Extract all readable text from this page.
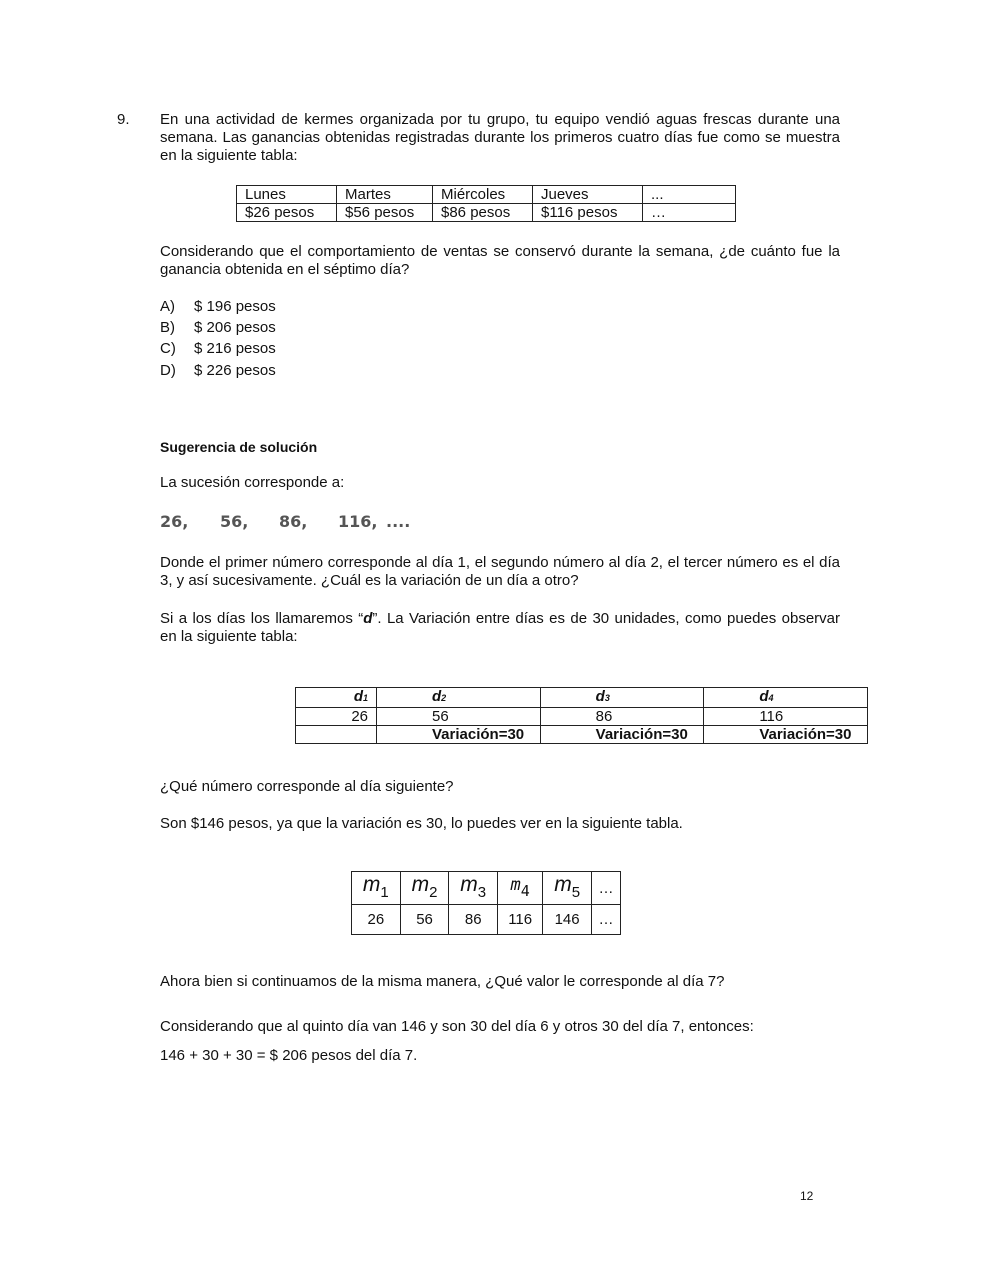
9. En una actividad de kermes organizada por tu grupo, tu equipo vendió aguas frescas durante una semana. Las ganancias obtenidas registradas durante los primeros cuatro días fue como se muestra en la siguiente tabla:
Lunes	Martes	Miércoles	Jueves	...
$26 pesos	$56 pesos	$86 pesos	$116 pesos	…
Considerando que el comportamiento de ventas se conservó durante la semana, ¿de cuánto fue la ganancia obtenida en el séptimo día?
A) $ 196 pesos
B) $ 206 pesos
C) $ 216 pesos
D) $ 226 pesos
Sugerencia de solución
La sucesión corresponde a:
26, 56, 86, 116, ....
Donde el primer número corresponde al día 1, el segundo número al día 2, el tercer número es el día 3, y así sucesivamente. ¿Cuál es la variación de un día a otro?
Si a los días los llamaremos “d”. La Variación entre días es de 30 unidades, como puedes observar en la siguiente tabla:
d1	d2	d3	d4
26	56	86	116
	Variación=30	Variación=30	Variación=30
¿Qué número corresponde al día siguiente?
Son $146 pesos, ya que la variación es 30, lo puedes ver en la siguiente tabla.
$m_1$	$m_2$	$m_3$	$m_4$	$m_5$	…
26	56	86	116	146	…
Ahora bien si continuamos de la misma manera, ¿Qué valor le corresponde al día 7?
Considerando que al quinto día van 146 y son 30 del día 6 y otros 30 del día 7, entonces:
146 + 30 + 30 = $ 206 pesos del día 7.
12
